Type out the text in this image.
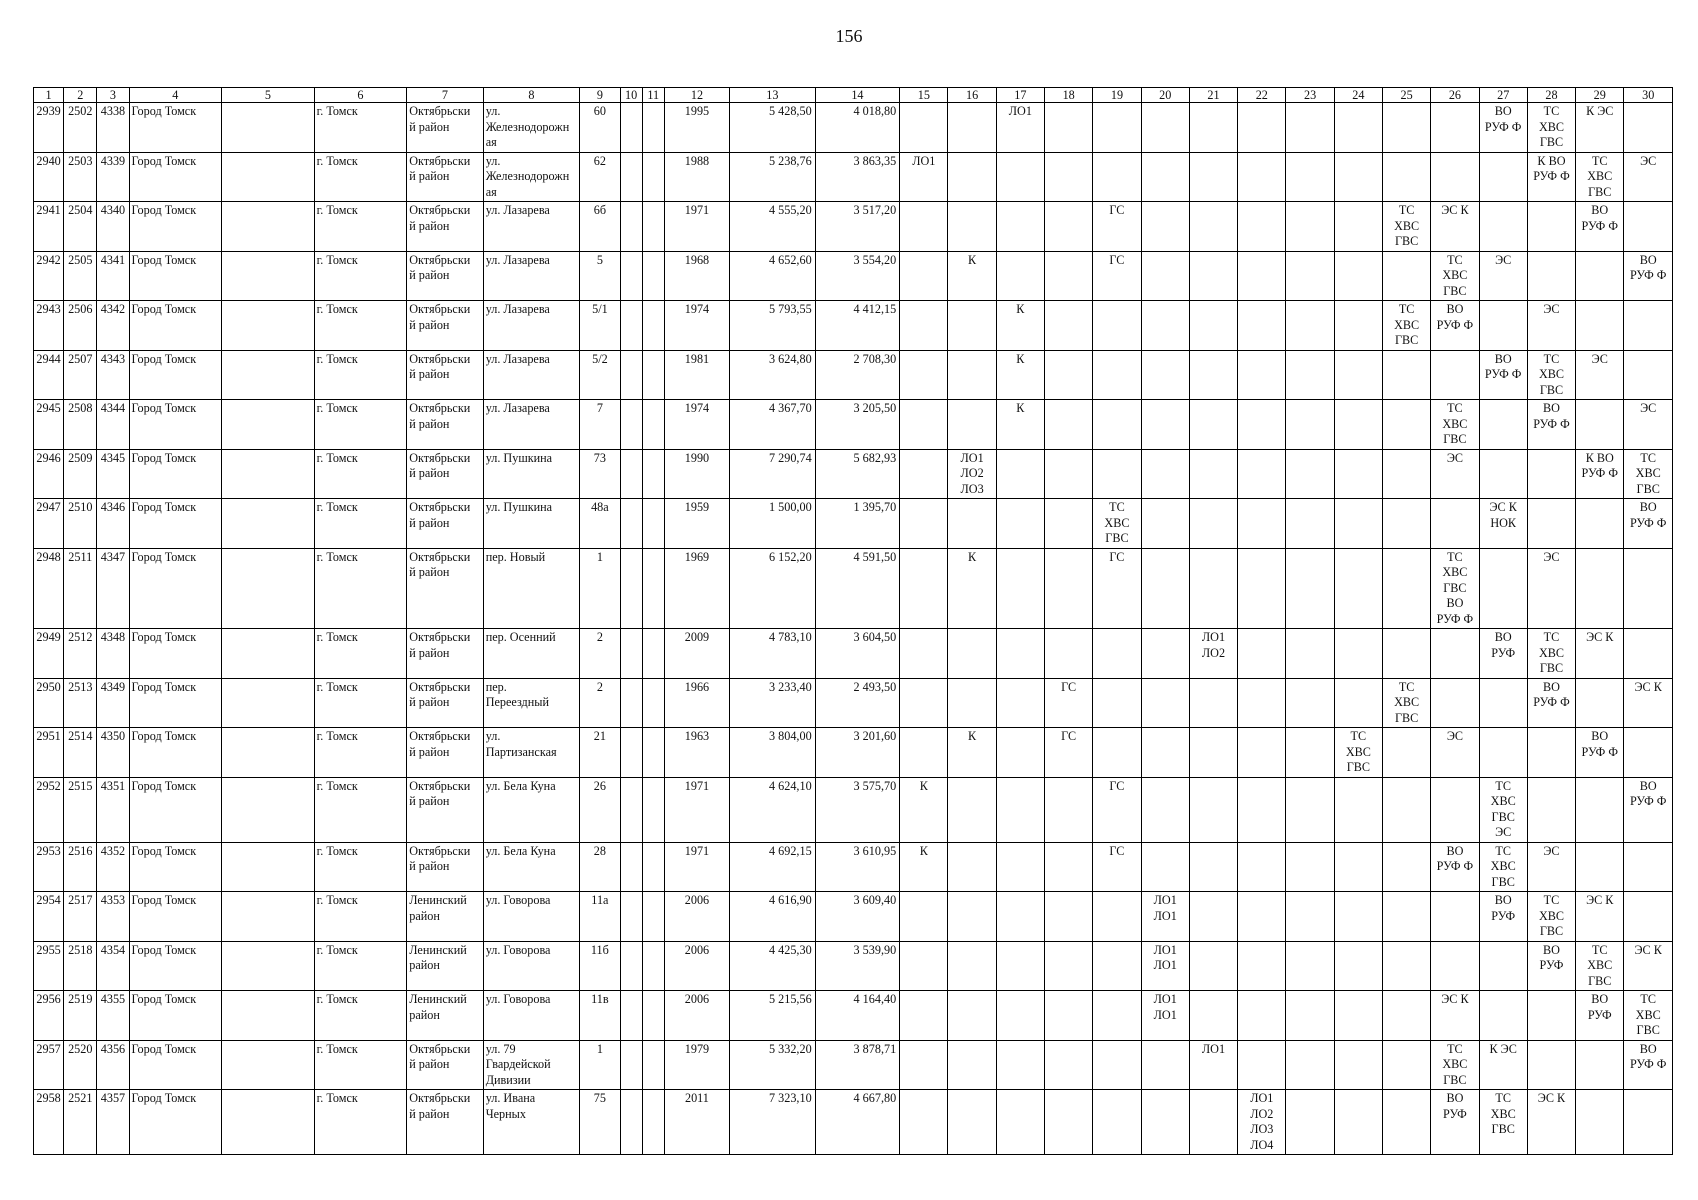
156
1	2	3	4	5	6	7	8	9	10	11	12	13	14	15	16	17	18	19	20	21	22	23	24	25	26	27	28	29	30

2939	2502	4338	Город Томск		г. Томск	Октябрьски
й район	ул.
Железнодорожн
ая	60			1995	5 428,50	4 018,80			ЛО1										ВО
РУФ Ф	ТС
ХВС
ГВС	К ЭС	

2940	2503	4339	Город Томск		г. Томск	Октябрьски
й район	ул.
Железнодорожн
ая	62			1988	5 238,76	3 863,35	ЛО1													К ВО
РУФ Ф	ТС
ХВС
ГВС	ЭС

2941	2504	4340	Город Томск		г. Томск	Октябрьски
й район	ул. Лазарева	6б			1971	4 555,20	3 517,20					ГС						ТС
ХВС
ГВС	ЭС К			ВО
РУФ Ф	

2942	2505	4341	Город Томск		г. Томск	Октябрьски
й район	ул. Лазарева	5			1968	4 652,60	3 554,20		К			ГС							ТС
ХВС
ГВС	ЭС			ВО
РУФ Ф

2943	2506	4342	Город Томск		г. Томск	Октябрьски
й район	ул. Лазарева	5/1			1974	5 793,55	4 412,15			К								ТС
ХВС
ГВС	ВО
РУФ Ф		ЭС		

2944	2507	4343	Город Томск		г. Томск	Октябрьски
й район	ул. Лазарева	5/2			1981	3 624,80	2 708,30			К										ВО
РУФ Ф	ТС
ХВС
ГВС	ЭС	

2945	2508	4344	Город Томск		г. Томск	Октябрьски
й район	ул. Лазарева	7			1974	4 367,70	3 205,50			К									ТС
ХВС
ГВС		ВО
РУФ Ф		ЭС

2946	2509	4345	Город Томск		г. Томск	Октябрьски
й район	ул. Пушкина	73			1990	7 290,74	5 682,93		ЛО1
ЛО2
ЛО3										ЭС			К ВО
РУФ Ф	ТС
ХВС
ГВС

2947	2510	4346	Город Томск		г. Томск	Октябрьски
й район	ул. Пушкина	48а			1959	1 500,00	1 395,70					ТС
ХВС
ГВС								ЭС К
НОК			ВО
РУФ Ф

2948	2511	4347	Город Томск		г. Томск	Октябрьски
й район	пер. Новый	1			1969	6 152,20	4 591,50		К			ГС							ТС
ХВС
ГВС
ВО
РУФ Ф		ЭС		

2949	2512	4348	Город Томск		г. Томск	Октябрьски
й район	пер. Осенний	2			2009	4 783,10	3 604,50							ЛО1
ЛО2						ВО
РУФ	ТС
ХВС
ГВС	ЭС К	

2950	2513	4349	Город Томск		г. Томск	Октябрьски
й район	пер.
Переездный	2			1966	3 233,40	2 493,50				ГС							ТС
ХВС
ГВС			ВО
РУФ Ф		ЭС К

2951	2514	4350	Город Томск		г. Томск	Октябрьски
й район	ул.
Партизанская	21			1963	3 804,00	3 201,60		К		ГС						ТС
ХВС
ГВС		ЭС			ВО
РУФ Ф	

2952	2515	4351	Город Томск		г. Томск	Октябрьски
й район	ул. Бела Куна	26			1971	4 624,10	3 575,70	К				ГС								ТС
ХВС
ГВС
ЭС			ВО
РУФ Ф

2953	2516	4352	Город Томск		г. Томск	Октябрьски
й район	ул. Бела Куна	28			1971	4 692,15	3 610,95	К				ГС							ВО
РУФ Ф	ТС
ХВС
ГВС	ЭС		

2954	2517	4353	Город Томск		г. Томск	Ленинский
район	ул. Говорова	11а			2006	4 616,90	3 609,40						ЛО1
ЛО1							ВО
РУФ	ТС
ХВС
ГВС	ЭС К	

2955	2518	4354	Город Томск		г. Томск	Ленинский
район	ул. Говорова	11б			2006	4 425,30	3 539,90						ЛО1
ЛО1								ВО
РУФ	ТС
ХВС
ГВС	ЭС К

2956	2519	4355	Город Томск		г. Томск	Ленинский
район	ул. Говорова	11в			2006	5 215,56	4 164,40						ЛО1
ЛО1						ЭС К			ВО
РУФ	ТС
ХВС
ГВС

2957	2520	4356	Город Томск		г. Томск	Октябрьски
й район	ул. 79
Гвардейской
Дивизии	1			1979	5 332,20	3 878,71							ЛО1					ТС
ХВС
ГВС	К ЭС			ВО
РУФ Ф

2958	2521	4357	Город Томск		г. Томск	Октябрьски
й район	ул. Ивана
Черных	75			2011	7 323,10	4 667,80								ЛО1
ЛО2
ЛО3
ЛО4				ВО
РУФ	ТС
ХВС
ГВС	ЭС К		
